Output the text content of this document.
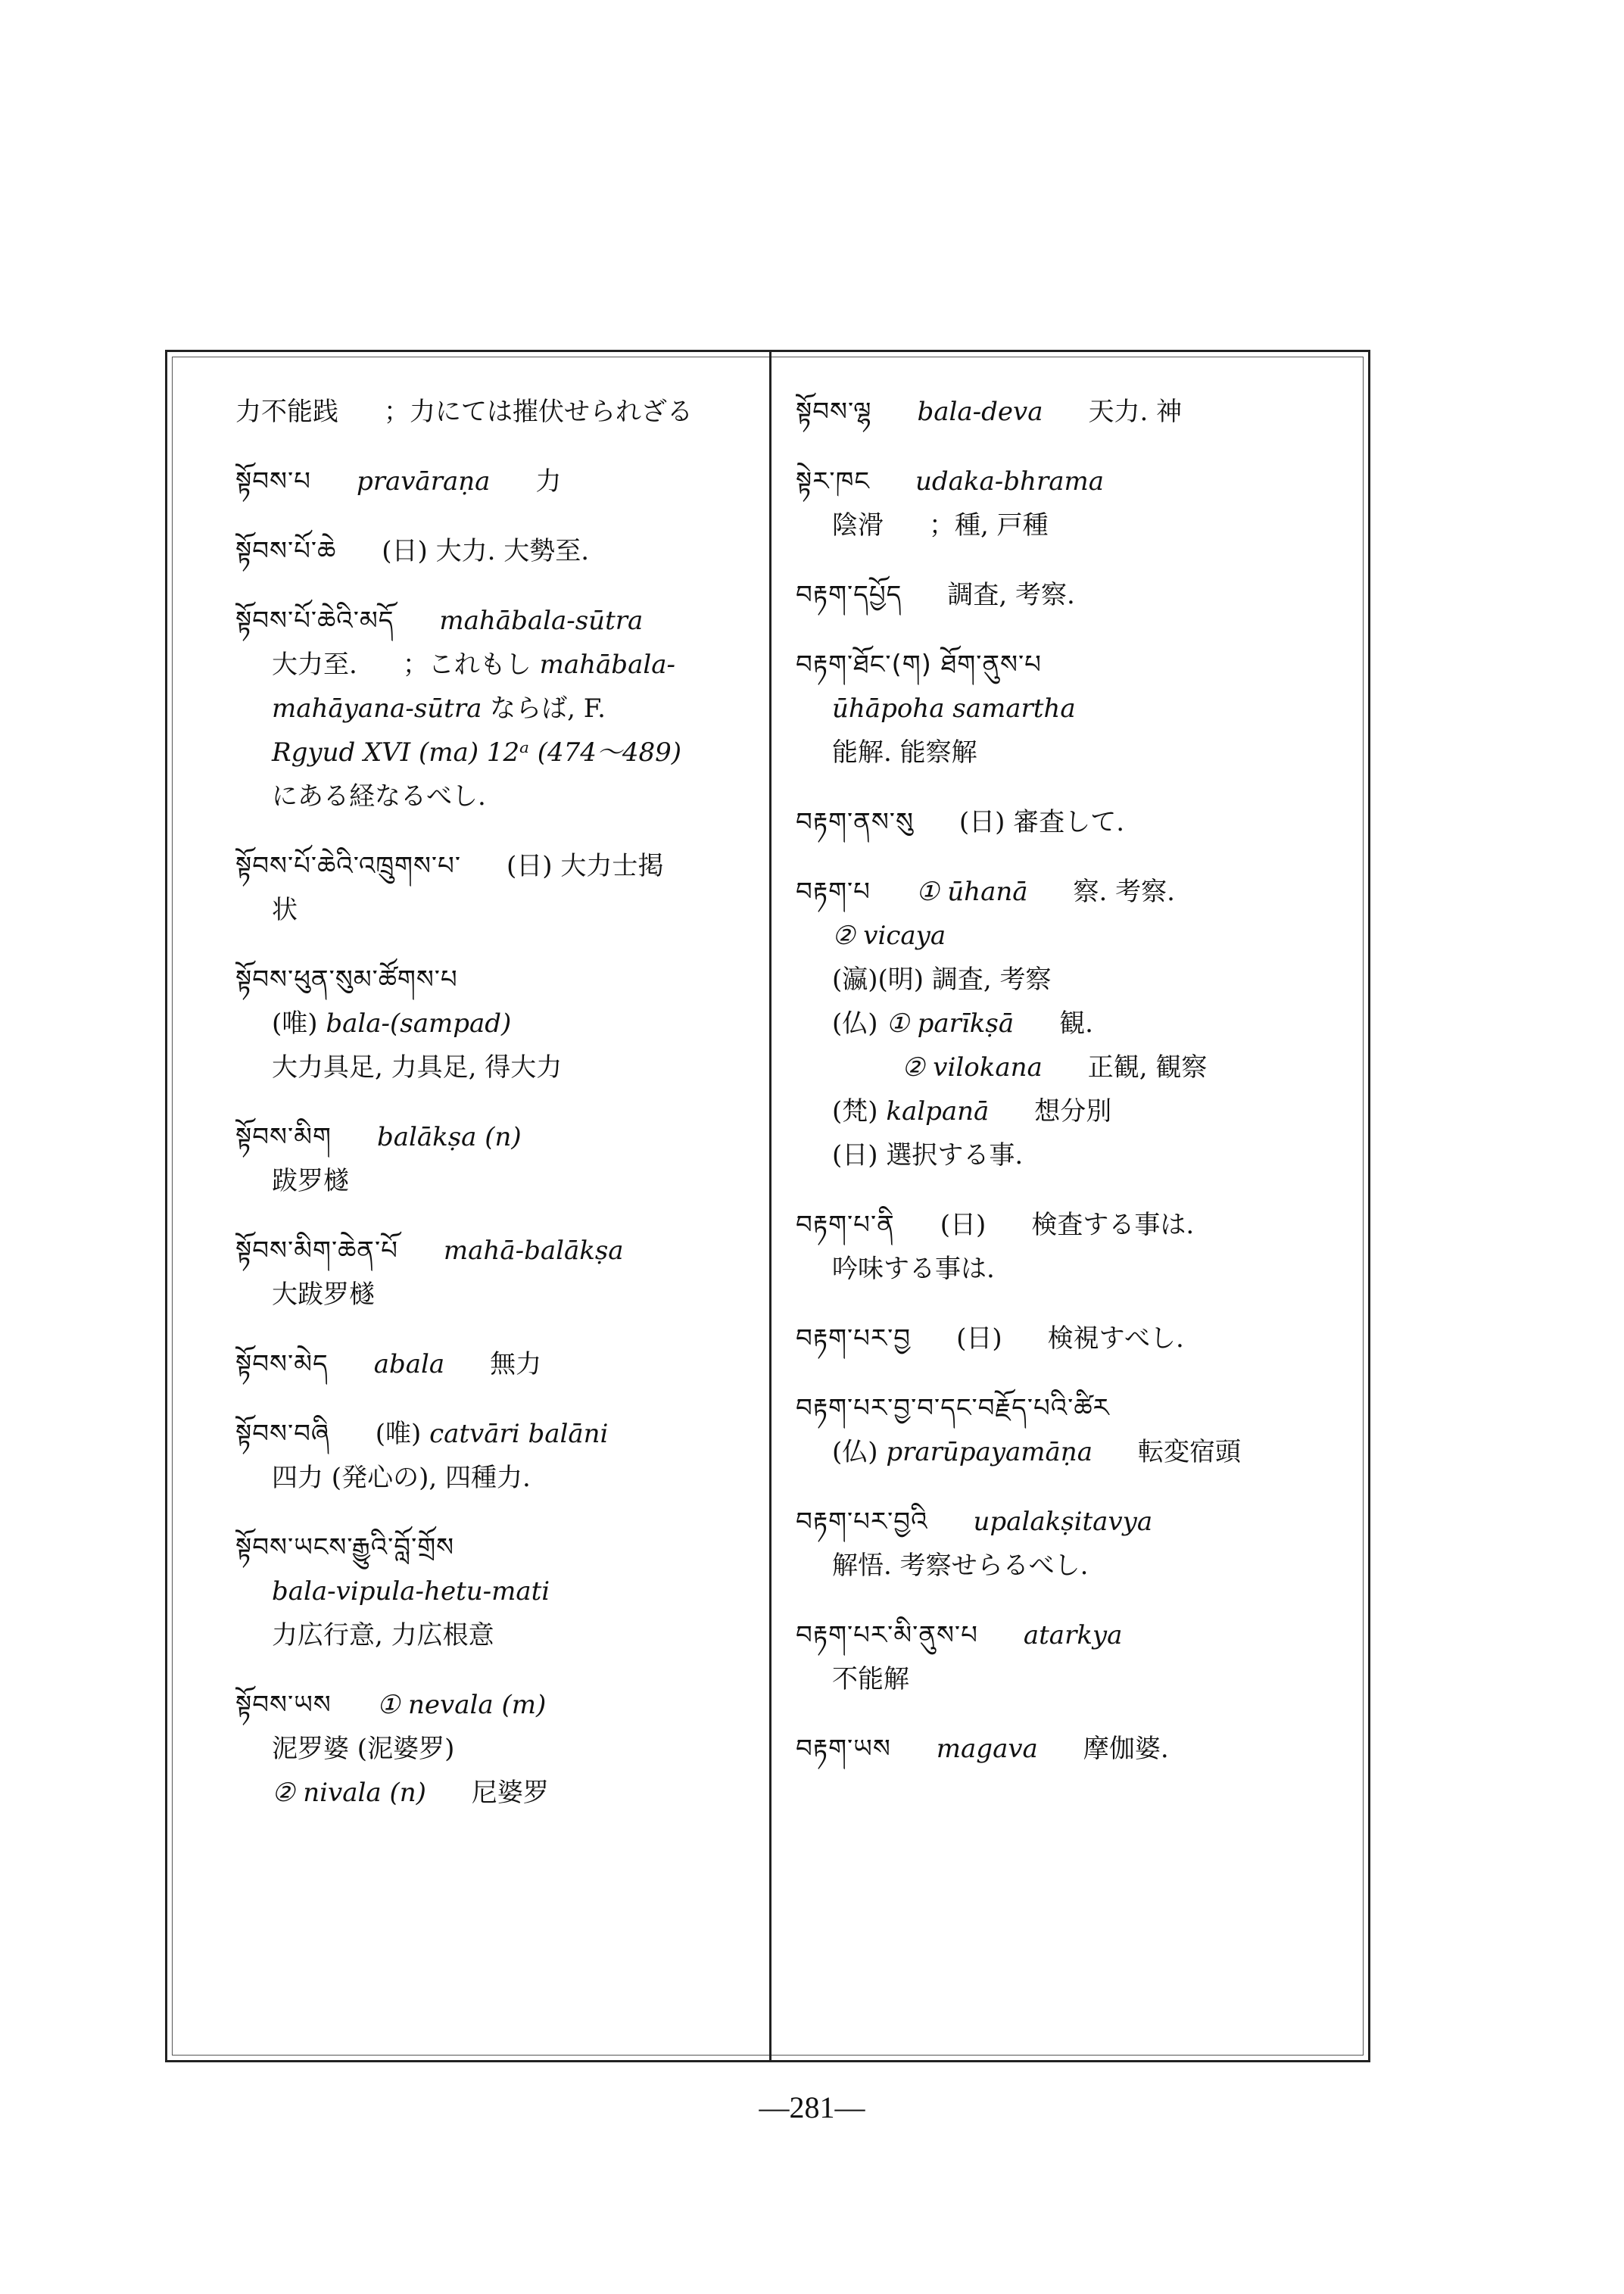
力不能践 ；力にては摧伏せられざる
སྟོབས་པ pravāraṇa 力
སྟོབས་པོ་ཆེ (日) 大力. 大勢至.
སྟོབས་པོ་ཆེའི་མདོ mahābala-sūtra
大力至. ；これもし mahābala-
mahāyana-sūtra ならば, F.
Rgyud XVI (ma) 12ᵃ (474～489)
にある経なるべし.
སྟོབས་པོ་ཆེའི་འཁྲུགས་པ་ (日) 大力士掲
状
སྟོབས་ཕུན་སུམ་ཚོགས་པ
(唯) bala-(sampad)
大力具足, 力具足, 得大力
སྟོབས་མིག balākṣa (n)
跋罗檖
སྟོབས་མིག་ཆེན་པོ mahā-balākṣa
大跋罗檖
སྟོབས་མེད abala 無力
སྟོབས་བཞི (唯) catvāri balāni
四力 (発心の), 四種力.
སྟོབས་ཡངས་རྒྱུའི་བློ་གྲོས
bala-vipula-hetu-mati
力広行意, 力広根意
སྟོབས་ཡས ① nevala (m)
泥罗婆 (泥婆罗)
② nivala (n) 尼婆罗
སྟོབས་ལྷ bala-deva 天力. 神
སྟེར་ཁང udaka-bhrama
陰滑 ；種, 戸種
བརྟག་དཔྱོད 調査, 考察.
བརྟག་ཐོང་(ག) ཐོག་ནུས་པ
ūhāpoha samartha
能解. 能察解
བརྟག་ནས་སུ (日) 審査して.
བརྟག་པ ① ūhanā 察. 考察.
② vicaya
(瀛)(明) 調査, 考察
(仏) ① parīkṣā 観.
② vilokana 正観, 観察
(梵) kalpanā 想分別
(日) 選択する事.
བརྟག་པ་ནི (日) 検査する事は.
吟味する事は.
བརྟག་པར་བྱ (日) 検視すべし.
བརྟག་པར་བྱ་བ་དང་བརྗོད་པའི་ཚིར
(仏) prarūpayamāṇa 転変宿頭
བརྟག་པར་བྱའི upalakṣitavya
解悟. 考察せらるべし.
བརྟག་པར་མི་ནུས་པ atarkya
不能解
བརྟག་ཡས magava 摩伽婆.
—281—
